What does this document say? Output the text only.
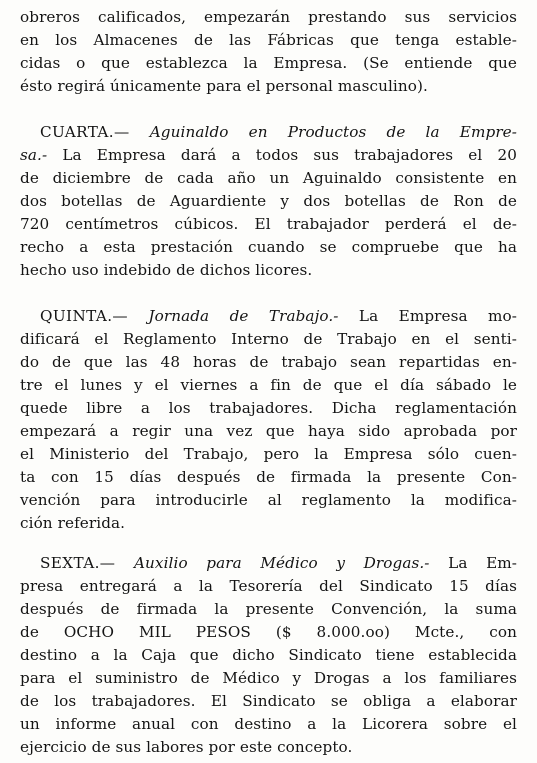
obreros calificados, empezarán prestando sus servicios
en los Almacenes de las Fábricas que tenga estable-
cidas o que establezca la Empresa. (Se entiende que
ésto regirá únicamente para el personal masculino).
CUARTA.— Aguinaldo en Productos de la Empre-
sa.- La Empresa dará a todos sus trabajadores el 20
de diciembre de cada año un Aguinaldo consistente en
dos botellas de Aguardiente y dos botellas de Ron de
720 centímetros cúbicos. El trabajador perderá el de-
recho a esta prestación cuando se compruebe que ha
hecho uso indebido de dichos licores.
QUINTA.— Jornada de Trabajo.- La Empresa mo-
dificará el Reglamento Interno de Trabajo en el senti-
do de que las 48 horas de trabajo sean repartidas en-
tre el lunes y el viernes a fin de que el día sábado le
quede libre a los trabajadores. Dicha reglamentación
empezará a regir una vez que haya sido aprobada por
el Ministerio del Trabajo, pero la Empresa sólo cuen-
ta con 15 días después de firmada la presente Con-
vención para introducirle al reglamento la modifica-
ción referida.
SEXTA.— Auxilio para Médico y Drogas.- La Em-
presa entregará a la Tesorería del Sindicato 15 días
después de firmada la presente Convención, la suma
de OCHO MIL PESOS ($ 8.000.oo) Mcte., con
destino a la Caja que dicho Sindicato tiene establecida
para el suministro de Médico y Drogas a los familiares
de los trabajadores. El Sindicato se obliga a elaborar
un informe anual con destino a la Licorera sobre el
ejercicio de sus labores por este concepto.
